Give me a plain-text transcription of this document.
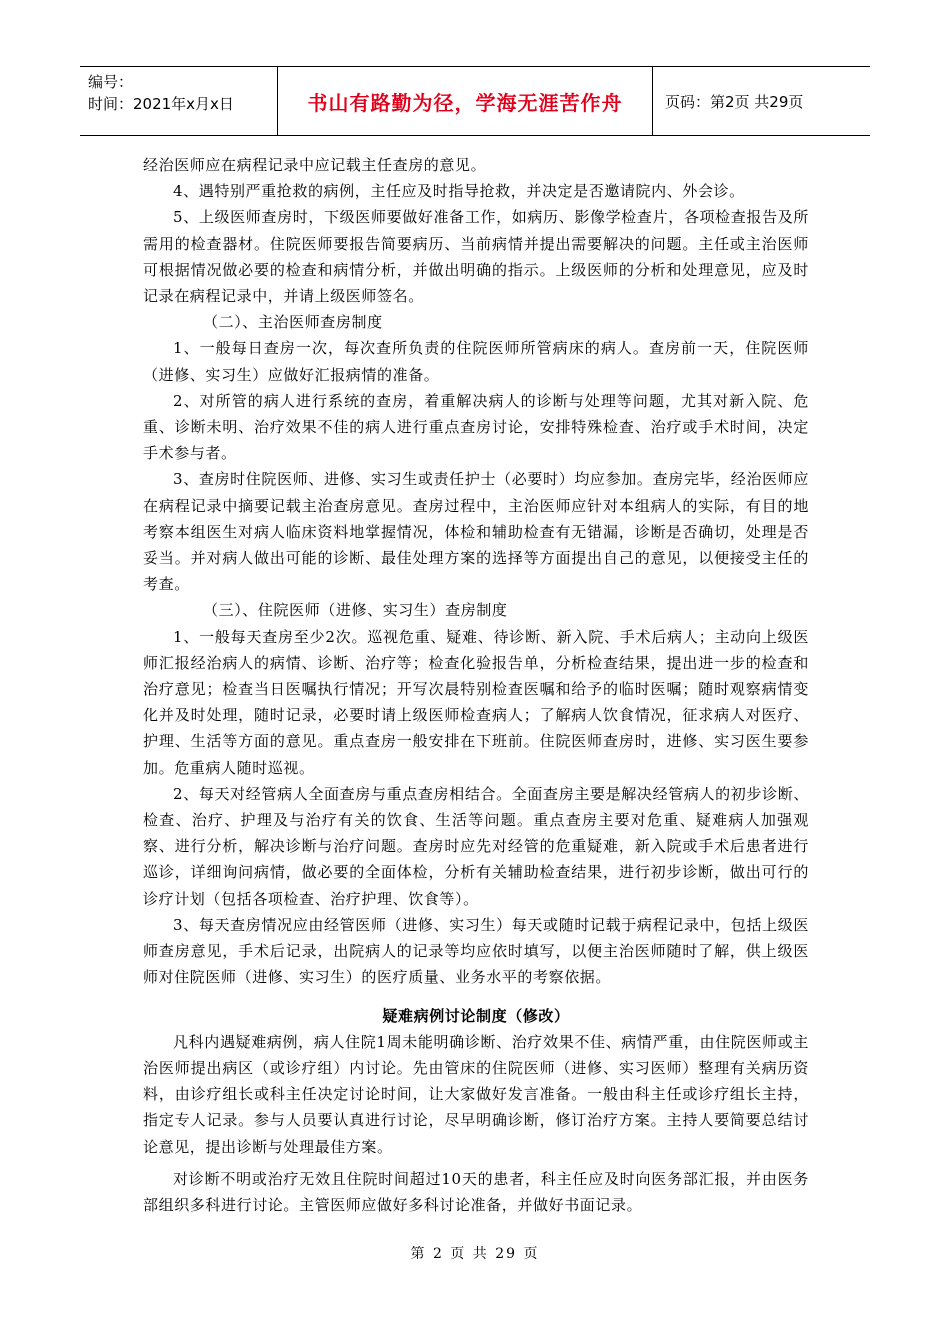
编号：
时间：2021年x月x日	书山有路勤为径，学海无涯苦作舟	页码：第2页 共29页

经治医师应在病程记录中应记载主任查房的意见。

4、遇特别严重抢救的病例，主任应及时指导抢救，并决定是否邀请院内、外会诊。

5、上级医师查房时，下级医师要做好准备工作，如病历、影像学检查片，各项检查报告及所需用的检查器材。住院医师要报告简要病历、当前病情并提出需要解决的问题。主任或主治医师可根据情况做必要的检查和病情分析，并做出明确的指示。上级医师的分析和处理意见，应及时记录在病程记录中，并请上级医师签名。

（二）、主治医师查房制度

1、一般每日查房一次，每次查所负责的住院医师所管病床的病人。查房前一天，住院医师（进修、实习生）应做好汇报病情的准备。

2、对所管的病人进行系统的查房，着重解决病人的诊断与处理等问题，尤其对新入院、危重、诊断未明、治疗效果不佳的病人进行重点查房讨论，安排特殊检查、治疗或手术时间，决定手术参与者。

3、查房时住院医师、进修、实习生或责任护士（必要时）均应参加。查房完毕，经治医师应在病程记录中摘要记载主治查房意见。查房过程中，主治医师应针对本组病人的实际，有目的地考察本组医生对病人临床资料地掌握情况，体检和辅助检查有无错漏，诊断是否确切，处理是否妥当。并对病人做出可能的诊断、最佳处理方案的选择等方面提出自己的意见，以便接受主任的考查。

（三）、住院医师（进修、实习生）查房制度

1、一般每天查房至少2次。巡视危重、疑难、待诊断、新入院、手术后病人；主动向上级医师汇报经治病人的病情、诊断、治疗等；检查化验报告单，分析检查结果，提出进一步的检查和治疗意见；检查当日医嘱执行情况；开写次晨特别检查医嘱和给予的临时医嘱；随时观察病情变化并及时处理，随时记录，必要时请上级医师检查病人；了解病人饮食情况，征求病人对医疗、护理、生活等方面的意见。重点查房一般安排在下班前。住院医师查房时，进修、实习医生要参加。危重病人随时巡视。

2、每天对经管病人全面查房与重点查房相结合。全面查房主要是解决经管病人的初步诊断、检查、治疗、护理及与治疗有关的饮食、生活等问题。重点查房主要对危重、疑难病人加强观察、进行分析，解决诊断与治疗问题。查房时应先对经管的危重疑难，新入院或手术后患者进行巡诊，详细询问病情，做必要的全面体检，分析有关辅助检查结果，进行初步诊断，做出可行的诊疗计划（包括各项检查、治疗护理、饮食等）。

3、每天查房情况应由经管医师（进修、实习生）每天或随时记载于病程记录中，包括上级医师查房意见，手术后记录，出院病人的记录等均应依时填写，以便主治医师随时了解，供上级医师对住院医师（进修、实习生）的医疗质量、业务水平的考察依据。

疑难病例讨论制度（修改）

凡科内遇疑难病例，病人住院1周未能明确诊断、治疗效果不佳、病情严重，由住院医师或主治医师提出病区（或诊疗组）内讨论。先由管床的住院医师（进修、实习医师）整理有关病历资料，由诊疗组长或科主任决定讨论时间，让大家做好发言准备。一般由科主任或诊疗组长主持，指定专人记录。参与人员要认真进行讨论，尽早明确诊断，修订治疗方案。主持人要简要总结讨论意见，提出诊断与处理最佳方案。

对诊断不明或治疗无效且住院时间超过10天的患者，科主任应及时向医务部汇报，并由医务部组织多科进行讨论。主管医师应做好多科讨论准备，并做好书面记录。

第 2 页 共 29 页
